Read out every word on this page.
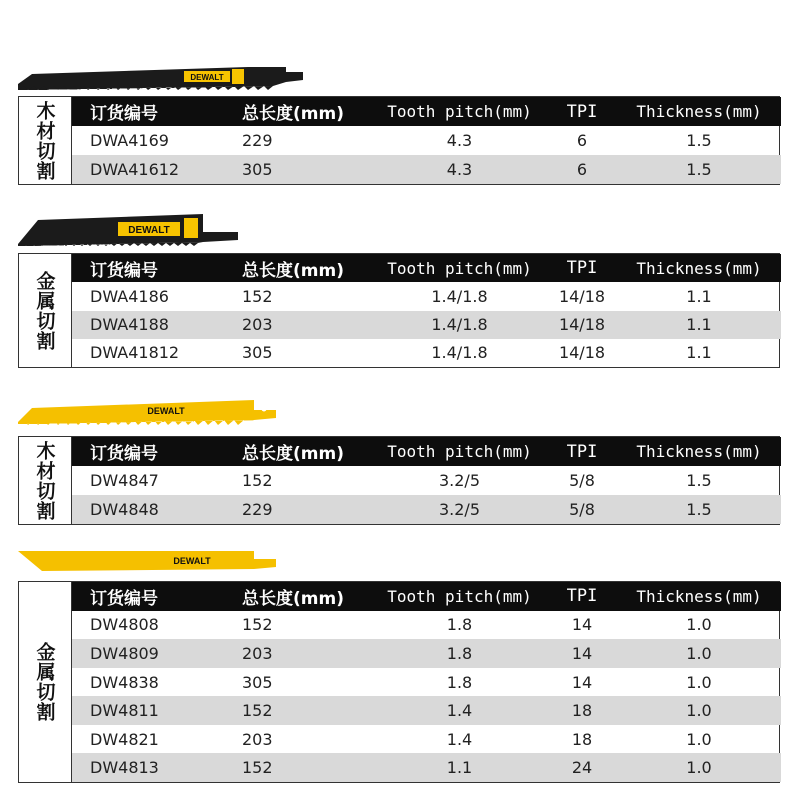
DEWALT
木材切割	订货编号	总长度(mm)	Tooth pitch(mm)	TPI	Thickness(mm)
DWA4169	229	4.3	6	1.5
DWA41612	305	4.3	6	1.5
DEWALT
金属切割	订货编号	总长度(mm)	Tooth pitch(mm)	TPI	Thickness(mm)
DWA4186	152	1.4/1.8	14/18	1.1
DWA4188	203	1.4/1.8	14/18	1.1
DWA41812	305	1.4/1.8	14/18	1.1
DEWALT
木材切割	订货编号	总长度(mm)	Tooth pitch(mm)	TPI	Thickness(mm)
DW4847	152	3.2/5	5/8	1.5
DW4848	229	3.2/5	5/8	1.5
DEWALT
金属切割
订货编号	总长度(mm)	Tooth pitch(mm)	TPI	Thickness(mm)
DW4808	152	1.8	14	1.0
DW4809	203	1.8	14	1.0
DW4838	305	1.8	14	1.0
DW4811	152	1.4	18	1.0
DW4821	203	1.4	18	1.0
DW4813	152	1.1	24	1.0
